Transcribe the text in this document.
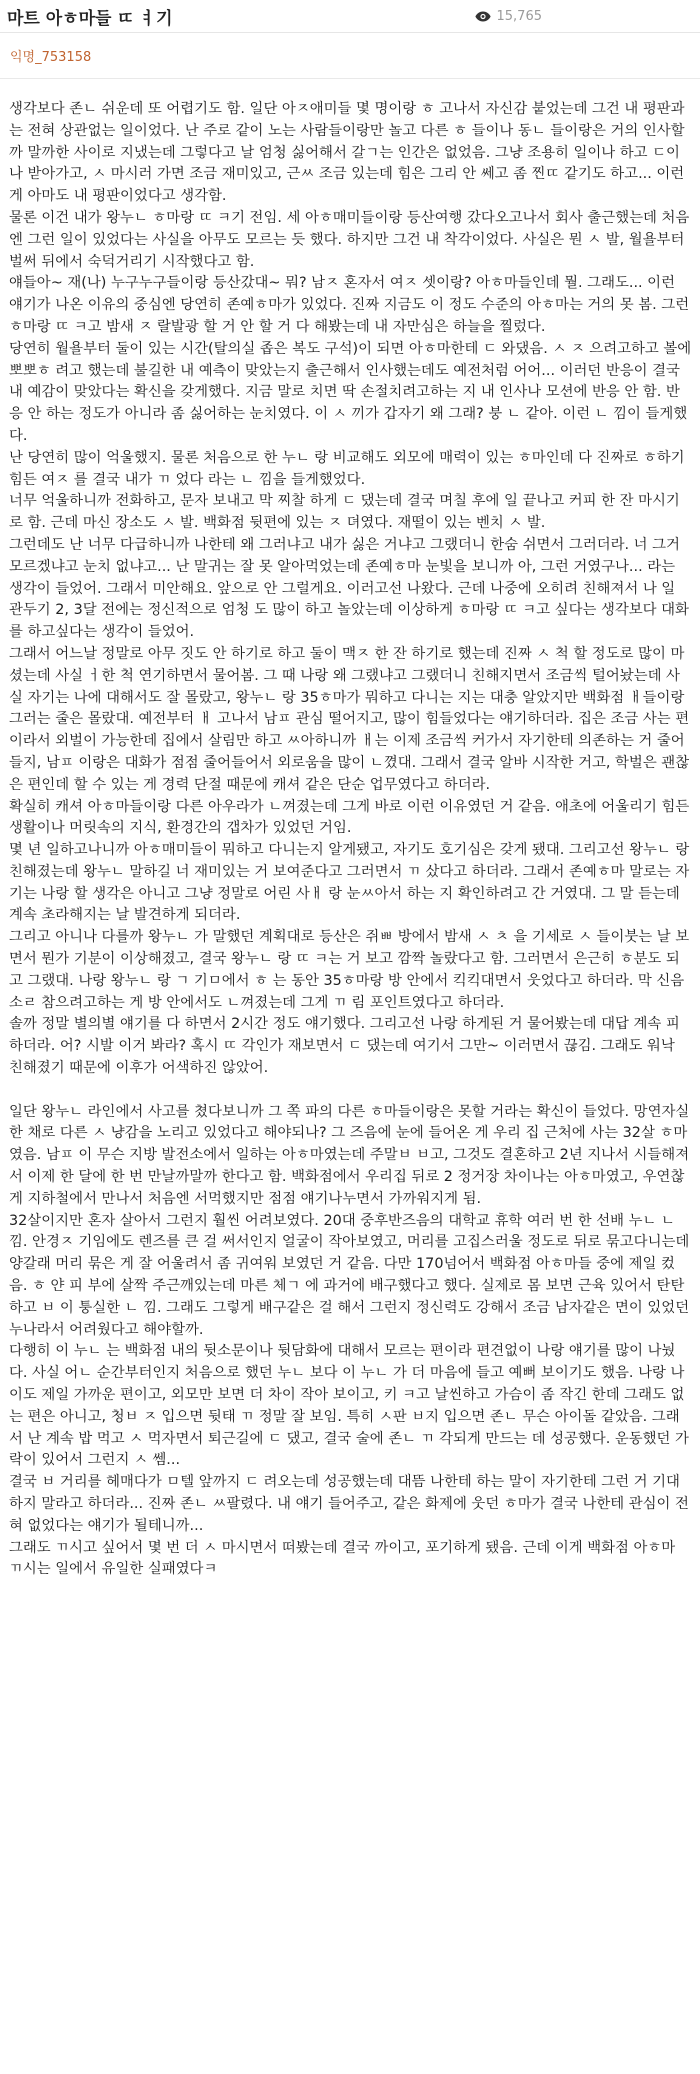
마트 아ㅎ마들 ㄸ ㅕ기	15,765
익명_753158

생각보다 존ㄴ 쉬운데 또 어렵기도 함. 일단 아ㅈ애미들 몇 명이랑 ㅎ 고나서 자신감 붙었는데 그건 내 평판과는 전혀 상관없는 일이었다. 난 주로 같이 노는 사람들이랑만 놀고 다른 ㅎ 들이나 동ㄴ 들이랑은 거의 인사할까 말까한 사이로 지냈는데 그렇다고 날 엄청 싫어해서 갈ㄱ는 인간은 없었음. 그냥 조용히 일이나 하고 ㄷ이나 받아가고, ㅅ 마시러 가면 조금 재미있고, 근ㅆ 조금 있는데 힘은 그리 안 쎄고 좀 찐ㄸ 같기도 하고... 이런 게 아마도 내 평판이었다고 생각함.

물론 이건 내가 왕누ㄴ ㅎ마랑 ㄸ ㅋ기 전임. 세 아ㅎ매미들이랑 등산여행 갔다오고나서 회사 출근했는데 처음엔 그런 일이 있었다는 사실을 아무도 모르는 듯 했다. 하지만 그건 내 착각이었다. 사실은 뭔 ㅅ 발, 월욜부터 벌써 뒤에서 숙덕거리기 시작했다고 함.

얘들아~ 재(나) 누구누구들이랑 등산갔대~ 뭐? 남ㅈ 혼자서 여ㅈ 셋이랑? 아ㅎ마들인데 뭘. 그래도... 이런 얘기가 나온 이유의 중심엔 당연히 존예ㅎ마가 있었다. 진짜 지금도 이 정도 수준의 아ㅎ마는 거의 못 봄. 그런 ㅎ마랑 ㄸ ㅋ고 밤새 ㅈ 랄발광 할 거 안 할 거 다 해봤는데 내 자만심은 하늘을 찔렀다.

당연히 월욜부터 둘이 있는 시간(탈의실 좁은 복도 구석)이 되면 아ㅎ마한테 ㄷ 와댔음. ㅅ ㅈ 으려고하고 볼에 뽀뽀ㅎ 려고 했는데 불길한 내 예측이 맞았는지 출근해서 인사했는데도 예전처럼 어어... 이러던 반응이 결국 내 예감이 맞았다는 확신을 갖게했다. 지금 말로 치면 딱 손절치려고하는 지 내 인사나 모션에 반응 안 함. 반응 안 하는 정도가 아니라 좀 싫어하는 눈치였다. 이 ㅅ 끼가 갑자기 왜 그래? 붕 ㄴ 같아. 이런 ㄴ 낌이 들게했다.

난 당연히 많이 억울했지. 물론 처음으로 한 누ㄴ 랑 비교해도 외모에 매력이 있는 ㅎ마인데 다 진짜로 ㅎ하기 힘든 여ㅈ 를 결국 내가 ㄲ 었다 라는 ㄴ 낌을 들게했었다.

너무 억울하니까 전화하고, 문자 보내고 막 찌찰 하게 ㄷ 댔는데 결국 며칠 후에 일 끝나고 커피 한 잔 마시기로 함. 근데 마신 장소도 ㅅ 발. 백화점 뒷편에 있는 ㅈ 뎌였다. 재떨이 있는 벤치 ㅅ 발.

그런데도 난 너무 다급하니까 나한테 왜 그러냐고 내가 싫은 거냐고 그랬더니 한숨 쉬면서 그러더라. 너 그거 모르겠냐고 눈치 없냐고... 난 말귀는 잘 못 알아먹었는데 존예ㅎ마 눈빛을 보니까 아, 그런 거였구나... 라는 생각이 들었어. 그래서 미안해요. 앞으로 안 그럴게요. 이러고선 나왔다. 근데 나중에 오히려 친해져서 나 일 관두기 2, 3달 전에는 정신적으로 엄청 도 많이 하고 놀았는데 이상하게 ㅎ마랑 ㄸ ㅋ고 싶다는 생각보다 대화를 하고싶다는 생각이 들었어.

그래서 어느날 정말로 아무 짓도 안 하기로 하고 둘이 맥ㅈ 한 잔 하기로 했는데 진짜 ㅅ 척 할 정도로 많이 마셨는데 사실 ㅓ한 척 연기하면서 물어봄. 그 때 나랑 왜 그랬냐고 그랬더니 친해지면서 조금씩 털어놨는데 사실 자기는 나에 대해서도 잘 몰랐고, 왕누ㄴ 랑 35ㅎ마가 뭐하고 다니는 지는 대충 알았지만 백화점 ㅐ들이랑 그러는 줄은 몰랐대. 예전부터 ㅐ 고나서 남ㅍ 관심 떨어지고, 많이 힘들었다는 얘기하더라. 집은 조금 사는 편이라서 외벌이 가능한데 집에서 살림만 하고 ㅆ아하니까 ㅐ는 이제 조금씩 커가서 자기한테 의존하는 거 줄어들지, 남ㅍ 이랑은 대화가 점점 줄어들어서 외로움을 많이 ㄴ꼈대. 그래서 결국 알바 시작한 거고, 학벌은 괜찮은 편인데 할 수 있는 게 경력 단절 때문에 캐셔 같은 단순 업무였다고 하더라.

확실히 캐셔 아ㅎ마들이랑 다른 아우라가 ㄴ껴졌는데 그게 바로 이런 이유였던 거 같음. 애초에 어울리기 힘든 생활이나 머릿속의 지식, 환경간의 갭차가 있었던 거임.

몇 년 일하고나니까 아ㅎ매미들이 뭐하고 다니는지 알게됐고, 자기도 호기심은 갖게 됐대. 그리고선 왕누ㄴ 랑 친해졌는데 왕누ㄴ 말하길 너 재미있는 거 보여준다고 그러면서 ㄲ 샀다고 하더라. 그래서 존예ㅎ마 말로는 자기는 나랑 할 생각은 아니고 그냥 정말로 어린 사ㅐ 랑 눈ㅆ아서 하는 지 확인하려고 간 거였대. 그 말 듣는데 계속 초라해지는 날 발견하게 되더라.

그리고 아니나 다를까 왕누ㄴ 가 말했던 계획대로 등산은 쥐ㅃ 방에서 밤새 ㅅ ㅊ 을 기세로 ㅅ 들이붓는 날 보면서 뭔가 기분이 이상해졌고, 결국 왕누ㄴ 랑 ㄸ ㅋ는 거 보고 깜짝 놀랐다고 함. 그러면서 은근히 ㅎ분도 되고 그랬대. 나랑 왕누ㄴ 랑 ㄱ 기ㅁ에서 ㅎ 는 동안 35ㅎ마랑 방 안에서 킥킥대면서 웃었다고 하더라. 막 신음소ㄹ 참으려고하는 게 방 안에서도 ㄴ껴졌는데 그게 ㄲ 림 포인트였다고 하더라.

솔까 정말 별의별 얘기를 다 하면서 2시간 정도 얘기했다. 그리고선 나랑 하게된 거 물어봤는데 대답 계속 피하더라. 어? 시발 이거 봐라? 혹시 ㄸ 각인가 재보면서 ㄷ 댔는데 여기서 그만~ 이러면서 끊김. 그래도 워낙 친해졌기 때문에 이후가 어색하진 않았어.

일단 왕누ㄴ 라인에서 사고를 쳤다보니까 그 쪽 파의 다른 ㅎ마들이랑은 못할 거라는 확신이 들었다. 망연자실한 채로 다른 ㅅ 냥감을 노리고 있었다고 해야되나? 그 즈음에 눈에 들어온 게 우리 집 근처에 사는 32살 ㅎ마였음. 남ㅍ 이 무슨 지방 발전소에서 일하는 아ㅎ마였는데 주말ㅂ ㅂ고, 그것도 결혼하고 2년 지나서 시들해져서 이제 한 달에 한 번 만날까말까 한다고 함. 백화점에서 우리집 뒤로 2 정거장 차이나는 아ㅎ마였고, 우연찮게 지하철에서 만나서 처음엔 서먹했지만 점점 얘기나누면서 가까워지게 됨.

32살이지만 혼자 살아서 그런지 훨씬 어려보였다. 20대 중후반즈음의 대학교 휴학 여러 번 한 선배 누ㄴ ㄴ낌. 안경ㅈ 기임에도 렌즈를 큰 걸 써서인지 얼굴이 작아보였고, 머리를 고집스러울 정도로 뒤로 묶고다니는데 양갈래 머리 묶은 게 잘 어울려서 좀 귀여워 보였던 거 같음. 다만 170넘어서 백화점 아ㅎ마들 중에 제일 컸음. ㅎ 얀 피 부에 살짝 주근깨있는데 마른 체ㄱ 에 과거에 배구했다고 했다. 실제로 몸 보면 근육 있어서 탄탄하고 ㅂ 이 퉁실한 ㄴ 낌. 그래도 그렇게 배구같은 걸 해서 그런지 정신력도 강해서 조금 남자같은 면이 있었던 누나라서 어려웠다고 해야할까.

다행히 이 누ㄴ 는 백화점 내의 뒷소문이나 뒷담화에 대해서 모르는 편이라 편견없이 나랑 얘기를 많이 나눴다. 사실 어ㄴ 순간부터인지 처음으로 했던 누ㄴ 보다 이 누ㄴ 가 더 마음에 들고 예뻐 보이기도 했음. 나랑 나이도 제일 가까운 편이고, 외모만 보면 더 차이 작아 보이고, 키 ㅋ고 날씬하고 가슴이 좀 작긴 한데 그래도 없는 편은 아니고, 청ㅂ ㅈ 입으면 뒷태 ㄲ 정말 잘 보임. 특히 ㅅ판 ㅂ지 입으면 존ㄴ 무슨 아이돌 같았음. 그래서 난 계속 밥 먹고 ㅅ 먹자면서 퇴근길에 ㄷ 댔고, 결국 술에 존ㄴ ㄲ 각되게 만드는 데 성공했다. 운동했던 가락이 있어서 그런지 ㅅ 쎔...

결국 ㅂ 거리를 헤매다가 ㅁ텔 앞까지 ㄷ 려오는데 성공했는데 대뜸 나한테 하는 말이 자기한테 그런 거 기대하지 말라고 하더라... 진짜 존ㄴ ㅆ팔렸다. 내 얘기 들어주고, 같은 화제에 웃던 ㅎ마가 결국 나한테 관심이 전혀 없었다는 얘기가 될테니까...

그래도 ㄲ시고 싶어서 몇 번 더 ㅅ 마시면서 떠봤는데 결국 까이고, 포기하게 됐음. 근데 이게 백화점 아ㅎ마 ㄲ시는 일에서 유일한 실패였다ㅋ
